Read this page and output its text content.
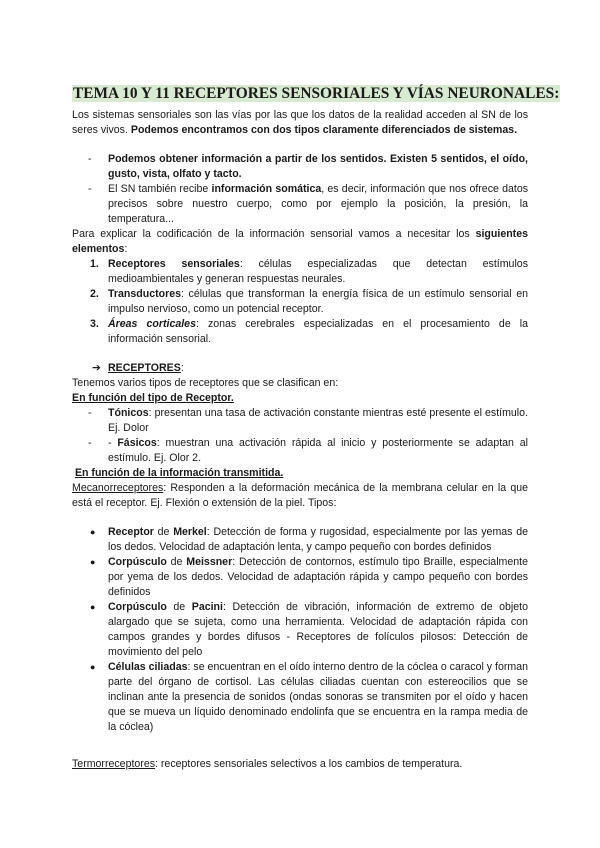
TEMA 10 Y 11 RECEPTORES SENSORIALES Y VÍAS NEURONALES:

Los sistemas sensoriales son las vías por las que los datos de la realidad acceden al SN de los seres vivos. Podemos encontramos con dos tipos claramente diferenciados de sistemas.

- Podemos obtener información a partir de los sentidos. Existen 5 sentidos, el oído, gusto, vista, olfato y tacto.
- El SN también recibe información somática, es decir, información que nos ofrece datos precisos sobre nuestro cuerpo, como por ejemplo la posición, la presión, la temperatura...

Para explicar la codificación de la información sensorial vamos a necesitar los siguientes elementos:

1. Receptores sensoriales: células especializadas que detectan estímulos medioambientales y generan respuestas neurales.
2. Transductores: células que transforman la energía física de un estímulo sensorial en impulso nervioso, como un potencial receptor.
3. Áreas corticales: zonas cerebrales especializadas en el procesamiento de la información sensorial.
➔ RECEPTORES:

Tenemos varios tipos de receptores que se clasifican en:

En función del tipo de Receptor.

- Tónicos: presentan una tasa de activación constante mientras esté presente el estímulo. Ej. Dolor
- - Fásicos: muestran una activación rápida al inicio y posteriormente se adaptan al estímulo. Ej. Olor 2.

En función de la información transmitida.

Mecanorreceptores: Responden a la deformación mecánica de la membrana celular en la que está el receptor. Ej. Flexión o extensión de la piel. Tipos:

● Receptor de Merkel: Detección de forma y rugosidad, especialmente por las yemas de los dedos. Velocidad de adaptación lenta, y campo pequeño con bordes definidos
● Corpúsculo de Meissner: Detección de contornos, estímulo tipo Braille, especialmente por yema de los dedos. Velocidad de adaptación rápida y campo pequeño con bordes definidos
● Corpúsculo de Pacini: Detección de vibración, información de extremo de objeto alargado que se sujeta, como una herramienta. Velocidad de adaptación rápida con campos grandes y bordes difusos - Receptores de folículos pilosos: Detección de movimiento del pelo
● Células ciliadas: se encuentran en el oído interno dentro de la cóclea o caracol y forman parte del órgano de cortisol. Las células ciliadas cuentan con estereocilios que se inclinan ante la presencia de sonidos (ondas sonoras se transmiten por el oído y hacen que se mueva un líquido denominado endolinfa que se encuentra en la rampa media de la cóclea)

Termorreceptores: receptores sensoriales selectivos a los cambios de temperatura.
